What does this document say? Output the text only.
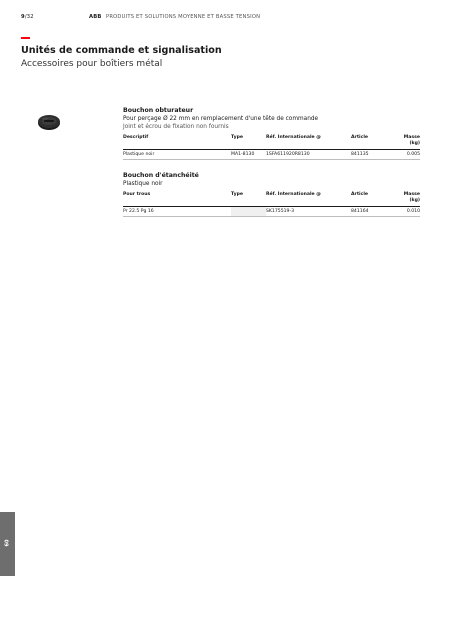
9/32	ABB PRODUITS ET SOLUTIONS MOYENNE ET BASSE TENSION
Unités de commande et signalisation
Accessoires pour boîtiers métal
Bouchon obturateur
Pour perçage Ø 22 mm en remplacement d'une tête de commande
Joint et écrou de fixation non fournis
Descriptif	Type	Réf. Internationale @	Article	Masse (kg)
Plastique noir	MA1-8130	1SFA611920R8130	841135	0.005
Bouchon d'étanchéité
Plastique noir
Pour trous	Type	Réf. Internationale @	Article	Masse (kg)
Pr 22.5 Pg 16		SK175519-3	841164	0.010
60
